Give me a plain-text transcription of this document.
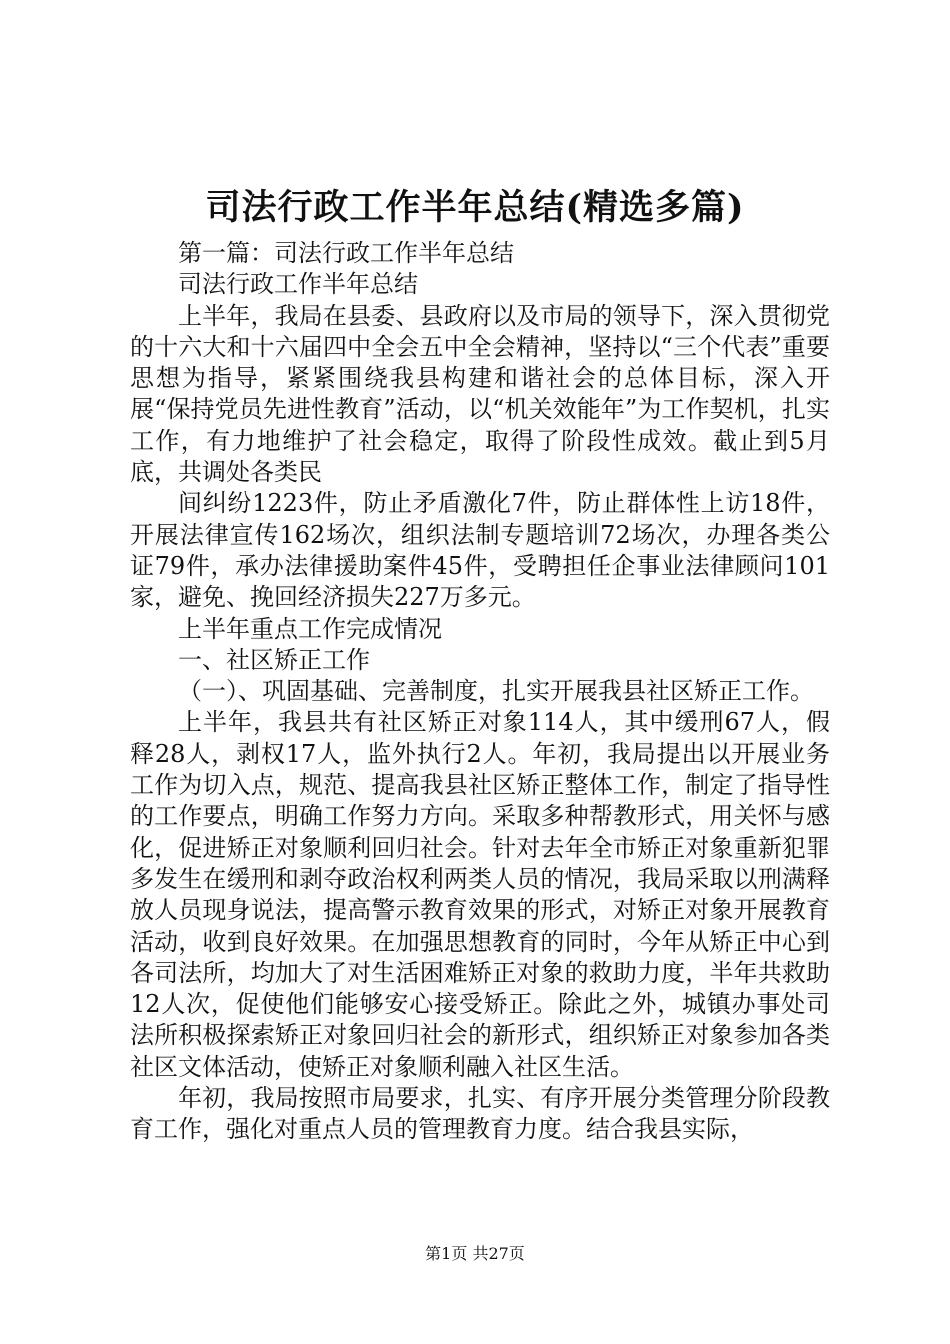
司法行政工作半年总结(精选多篇)

第一篇：司法行政工作半年总结

司法行政工作半年总结

上半年，我局在县委、县政府以及市局的领导下，深入贯彻党的十六大和十六届四中全会五中全会精神，坚持以“三个代表”重要思想为指导，紧紧围绕我县构建和谐社会的总体目标，深入开展“保持党员先进性教育”活动，以“机关效能年”为工作契机，扎实工作，有力地维护了社会稳定，取得了阶段性成效。截止到5月底，共调处各类民

间纠纷1223件，防止矛盾激化7件，防止群体性上访18件，开展法律宣传162场次，组织法制专题培训72场次，办理各类公证79件，承办法律援助案件45件，受聘担任企事业法律顾问101家，避免、挽回经济损失227万多元。

上半年重点工作完成情况

一、社区矫正工作

（一）、巩固基础、完善制度，扎实开展我县社区矫正工作。

上半年，我县共有社区矫正对象114人，其中缓刑67人，假释28人，剥权17人，监外执行2人。年初，我局提出以开展业务工作为切入点，规范、提高我县社区矫正整体工作，制定了指导性的工作要点，明确工作努力方向。采取多种帮教形式，用关怀与感化，促进矫正对象顺利回归社会。针对去年全市矫正对象重新犯罪多发生在缓刑和剥夺政治权利两类人员的情况，我局采取以刑满释放人员现身说法，提高警示教育效果的形式，对矫正对象开展教育活动，收到良好效果。在加强思想教育的同时，今年从矫正中心到各司法所，均加大了对生活困难矫正对象的救助力度，半年共救助12人次，促使他们能够安心接受矫正。除此之外，城镇办事处司法所积极探索矫正对象回归社会的新形式，组织矫正对象参加各类社区文体活动，使矫正对象顺利融入社区生活。

年初，我局按照市局要求，扎实、有序开展分类管理分阶段教育工作，强化对重点人员的管理教育力度。结合我县实际，

第1页 共27页
